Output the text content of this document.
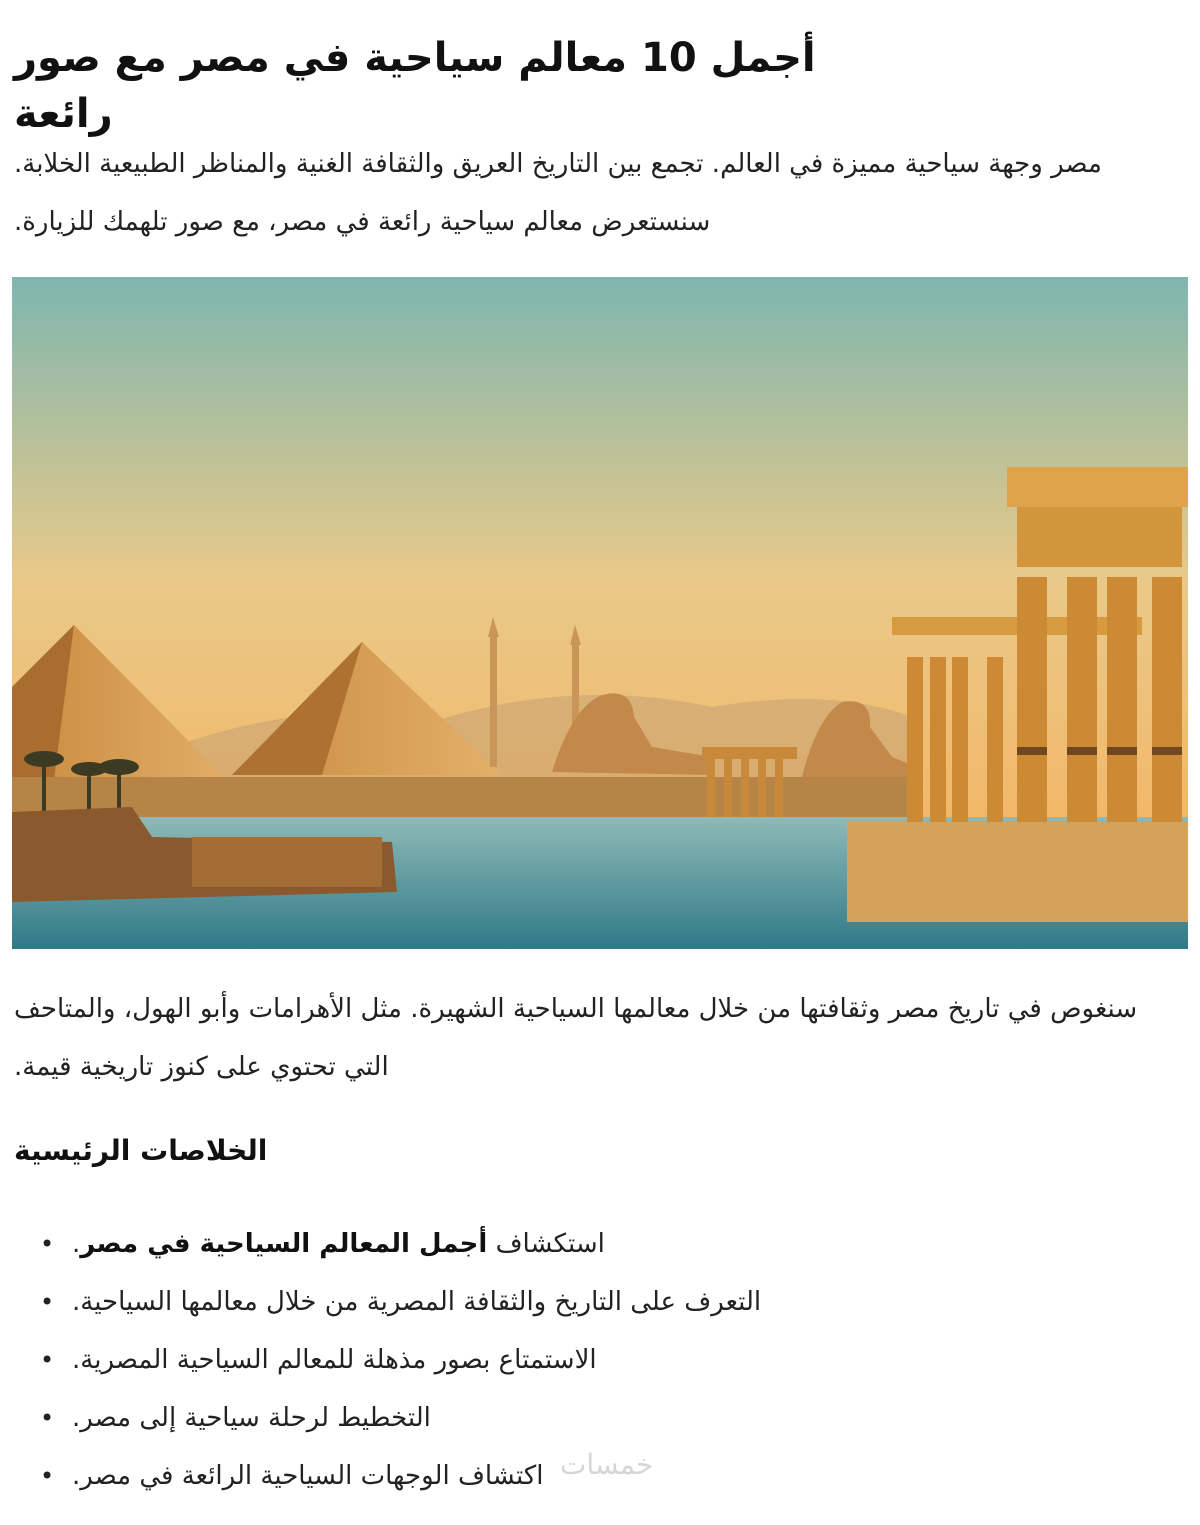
أجمل 10 معالم سياحية في مصر مع صور رائعة

مصر وجهة سياحية مميزة في العالم. تجمع بين التاريخ العريق والثقافة الغنية والمناظر الطبيعية الخلابة. سنستعرض معالم سياحية رائعة في مصر، مع صور تلهمك للزيارة.

سنغوص في تاريخ مصر وثقافتها من خلال معالمها السياحية الشهيرة. مثل الأهرامات وأبو الهول، والمتاحف التي تحتوي على كنوز تاريخية قيمة.

الخلاصات الرئيسية
•	استكشاف أجمل المعالم السياحية في مصر.
• التعرف على التاريخ والثقافة المصرية من خلال معالمها السياحية.
• الاستمتاع بصور مذهلة للمعالم السياحية المصرية.
• التخطيط لرحلة سياحية إلى مصر.
• اكتشاف الوجهات السياحية الرائعة في مصر. خمسات
